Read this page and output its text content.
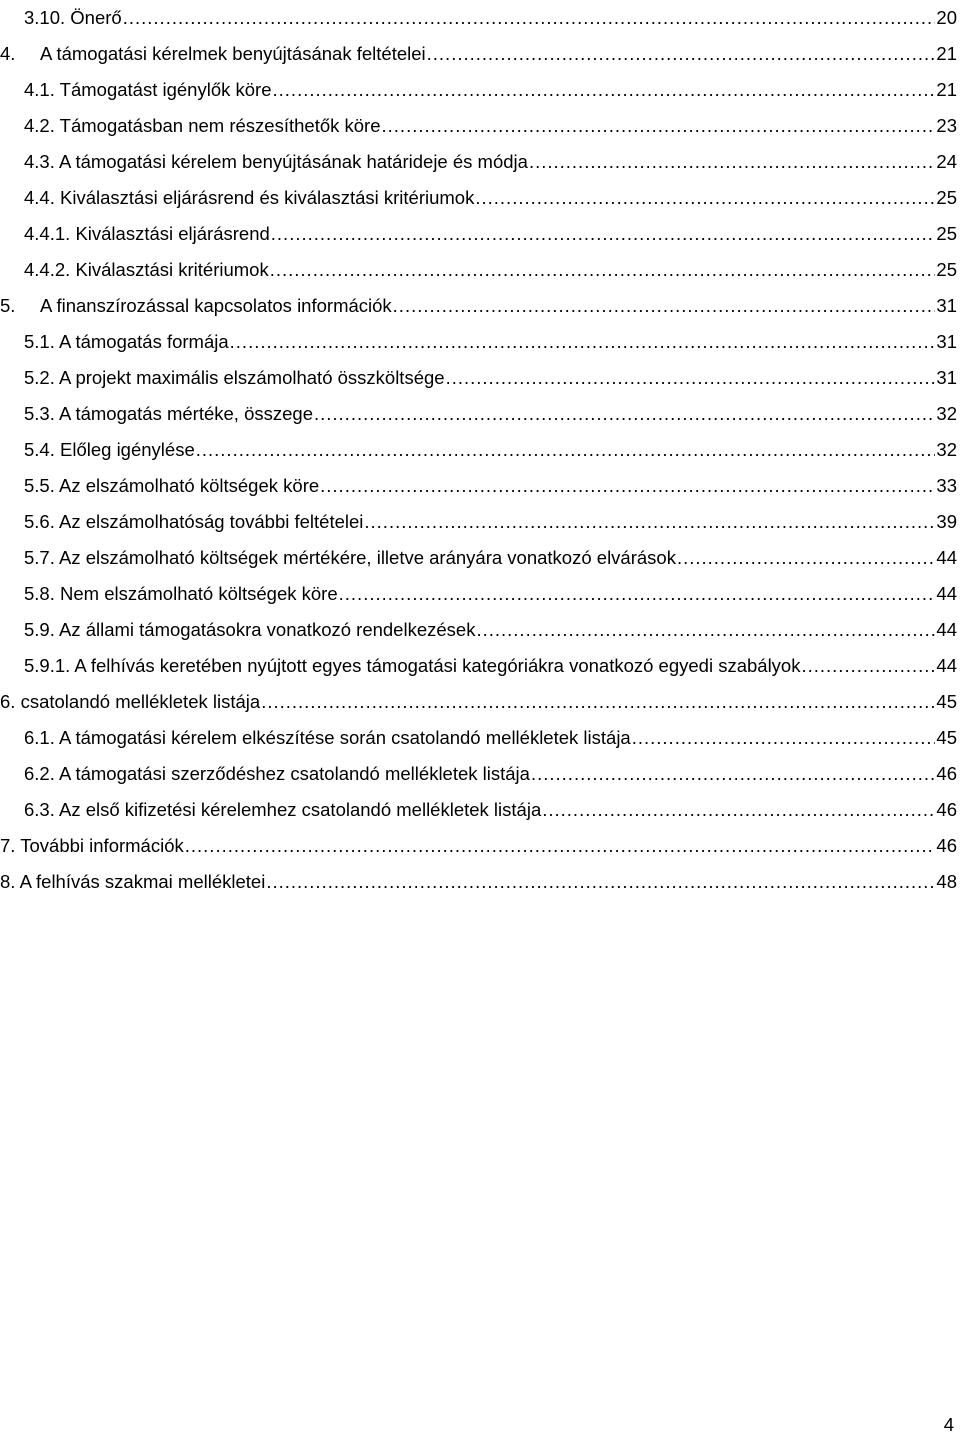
3.10. Önerő .....	20
4. A támogatási kérelmek benyújtásának feltételei .....	21
4.1. Támogatást igénylők köre .....	21
4.2. Támogatásban nem részesíthetők köre .....	23
4.3. A támogatási kérelem benyújtásának határideje és módja .....	24
4.4. Kiválasztási eljárásrend és kiválasztási kritériumok .....	25
4.4.1. Kiválasztási eljárásrend .....	25
4.4.2. Kiválasztási kritériumok .....	25
5. A finanszírozással kapcsolatos információk .....	31
5.1. A támogatás formája .....	31
5.2. A projekt maximális elszámolható összköltsége .....	31
5.3. A támogatás mértéke, összege .....	32
5.4. Előleg igénylése .....	32
5.5. Az elszámolható költségek köre .....	33
5.6. Az elszámolhatóság további feltételei .....	39
5.7. Az elszámolható költségek mértékére, illetve arányára vonatkozó elvárások .....	44
5.8. Nem elszámolható költségek köre .....	44
5.9. Az állami támogatásokra vonatkozó rendelkezések .....	44
5.9.1. A felhívás keretében nyújtott egyes támogatási kategóriákra vonatkozó egyedi szabályok .....	44
6. csatolandó mellékletek listája .....	45
6.1. A támogatási kérelem elkészítése során csatolandó mellékletek listája .....	45
6.2. A támogatási szerződéshez csatolandó mellékletek listája .....	46
6.3. Az első kifizetési kérelemhez csatolandó mellékletek listája .....	46
7. További információk .....	46
8. A felhívás szakmai mellékletei .....	48
4
